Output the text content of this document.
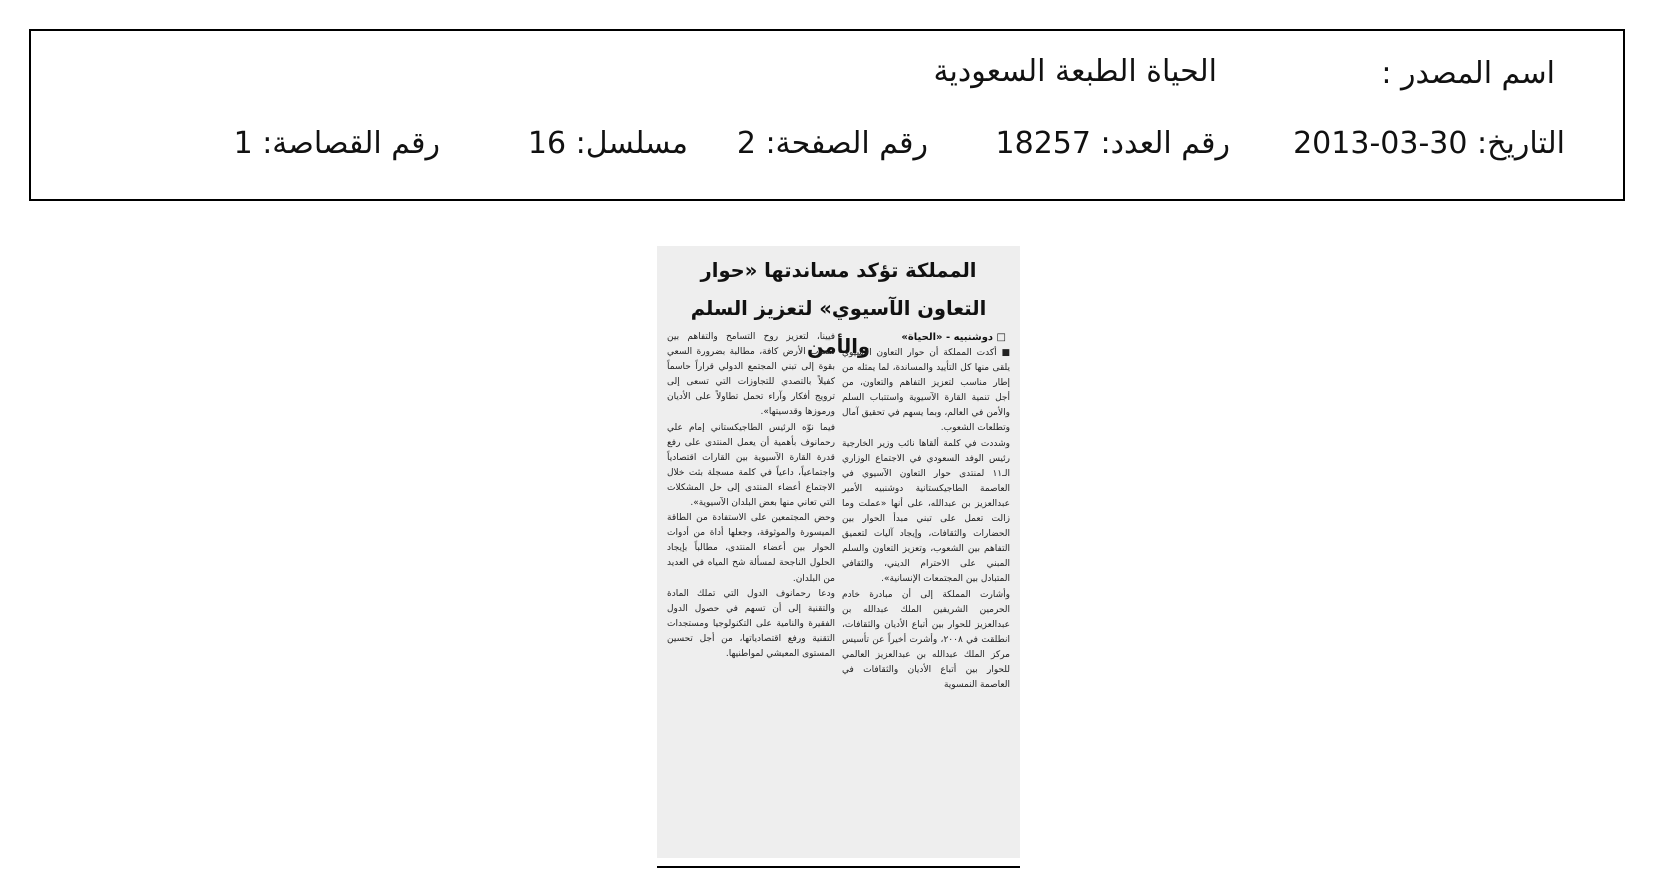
اسم المصدر :
الحياة الطبعة السعودية
التاريخ: 30-03-2013
رقم العدد: 18257
رقم الصفحة: 2
مسلسل: 16
رقم القصاصة: 1
المملكة تؤكد مساندتها «حوار
التعاون الآسيوي» لتعزيز السلم والأمن	□ دوشنبيه - «الحياة»

■ أكدت المملكة أن حوار التعاون الآسيوي يلقى منها كل التأييد والمساندة، لما يمثله من إطار مناسب لتعزيز التفاهم والتعاون، من أجل تنمية القارة الآسيوية واستتباب السلم والأمن في العالم، وبما يسهم في تحقيق آمال وتطلعات الشعوب.

وشددت في كلمة ألقاها نائب وزير الخارجية رئيس الوفد السعودي في الاجتماع الوزاري الـ١١ لمنتدى حوار التعاون الآسيوي في العاصمة الطاجيكستانية دوشنبيه الأمير عبدالعزيز بن عبدالله، على أنها «عملت وما زالت تعمل على تبني مبدأ الحوار بين الحضارات والثقافات، وإيجاد آليات لتعميق التفاهم بين الشعوب، وتعزيز التعاون والسلم المبني على الاحترام الديني، والثقافي المتبادل بين المجتمعات الإنسانية».

وأشارت المملكة إلى أن مبادرة خادم الحرمين الشريفين الملك عبدالله بن عبدالعزيز للحوار بين أتباع الأديان والثقافات، انطلقت في ٢٠٠٨، وأشرت أخيراً عن تأسيس مركز الملك عبدالله بن عبدالعزيز العالمي للحوار بين أتباع الأديان والثقافات في العاصمة النمسوية

فيينا، لتعزيز روح التسامح والتفاهم بين شعوب الأرض كافة، مطالبة بضرورة السعي بقوة إلى تبني المجتمع الدولي قراراً حاسماً كفيلاً بالتصدي للتجاوزات التي تسعى إلى ترويج أفكار وآراء تحمل تطاولاً على الأديان ورموزها وقدسيتها».

فيما نوّه الرئيس الطاجيكستاني إمام علي رحمانوف بأهمية أن يعمل المنتدى على رفع قدرة القارة الآسيوية بين القارات اقتصادياً واجتماعياً، داعياً في كلمة مسجلة بثت خلال الاجتماع أعضاء المنتدى إلى حل المشكلات التي تعاني منها بعض البلدان الآسيوية».

وحض المجتمعين على الاستفادة من الطاقة الميسورة والموثوقة، وجعلها أداة من أدوات الحوار بين أعضاء المنتدى، مطالباً بإيجاد الحلول الناجحة لمسألة شح المياه في العديد من البلدان.

ودعا رحمانوف الدول التي تملك المادة والتقنية إلى أن تسهم في حصول الدول الفقيرة والنامية على التكنولوجيا ومستجدات التقنية ورفع اقتصادياتها، من أجل تحسين المستوى المعيشي لمواطنيها.
